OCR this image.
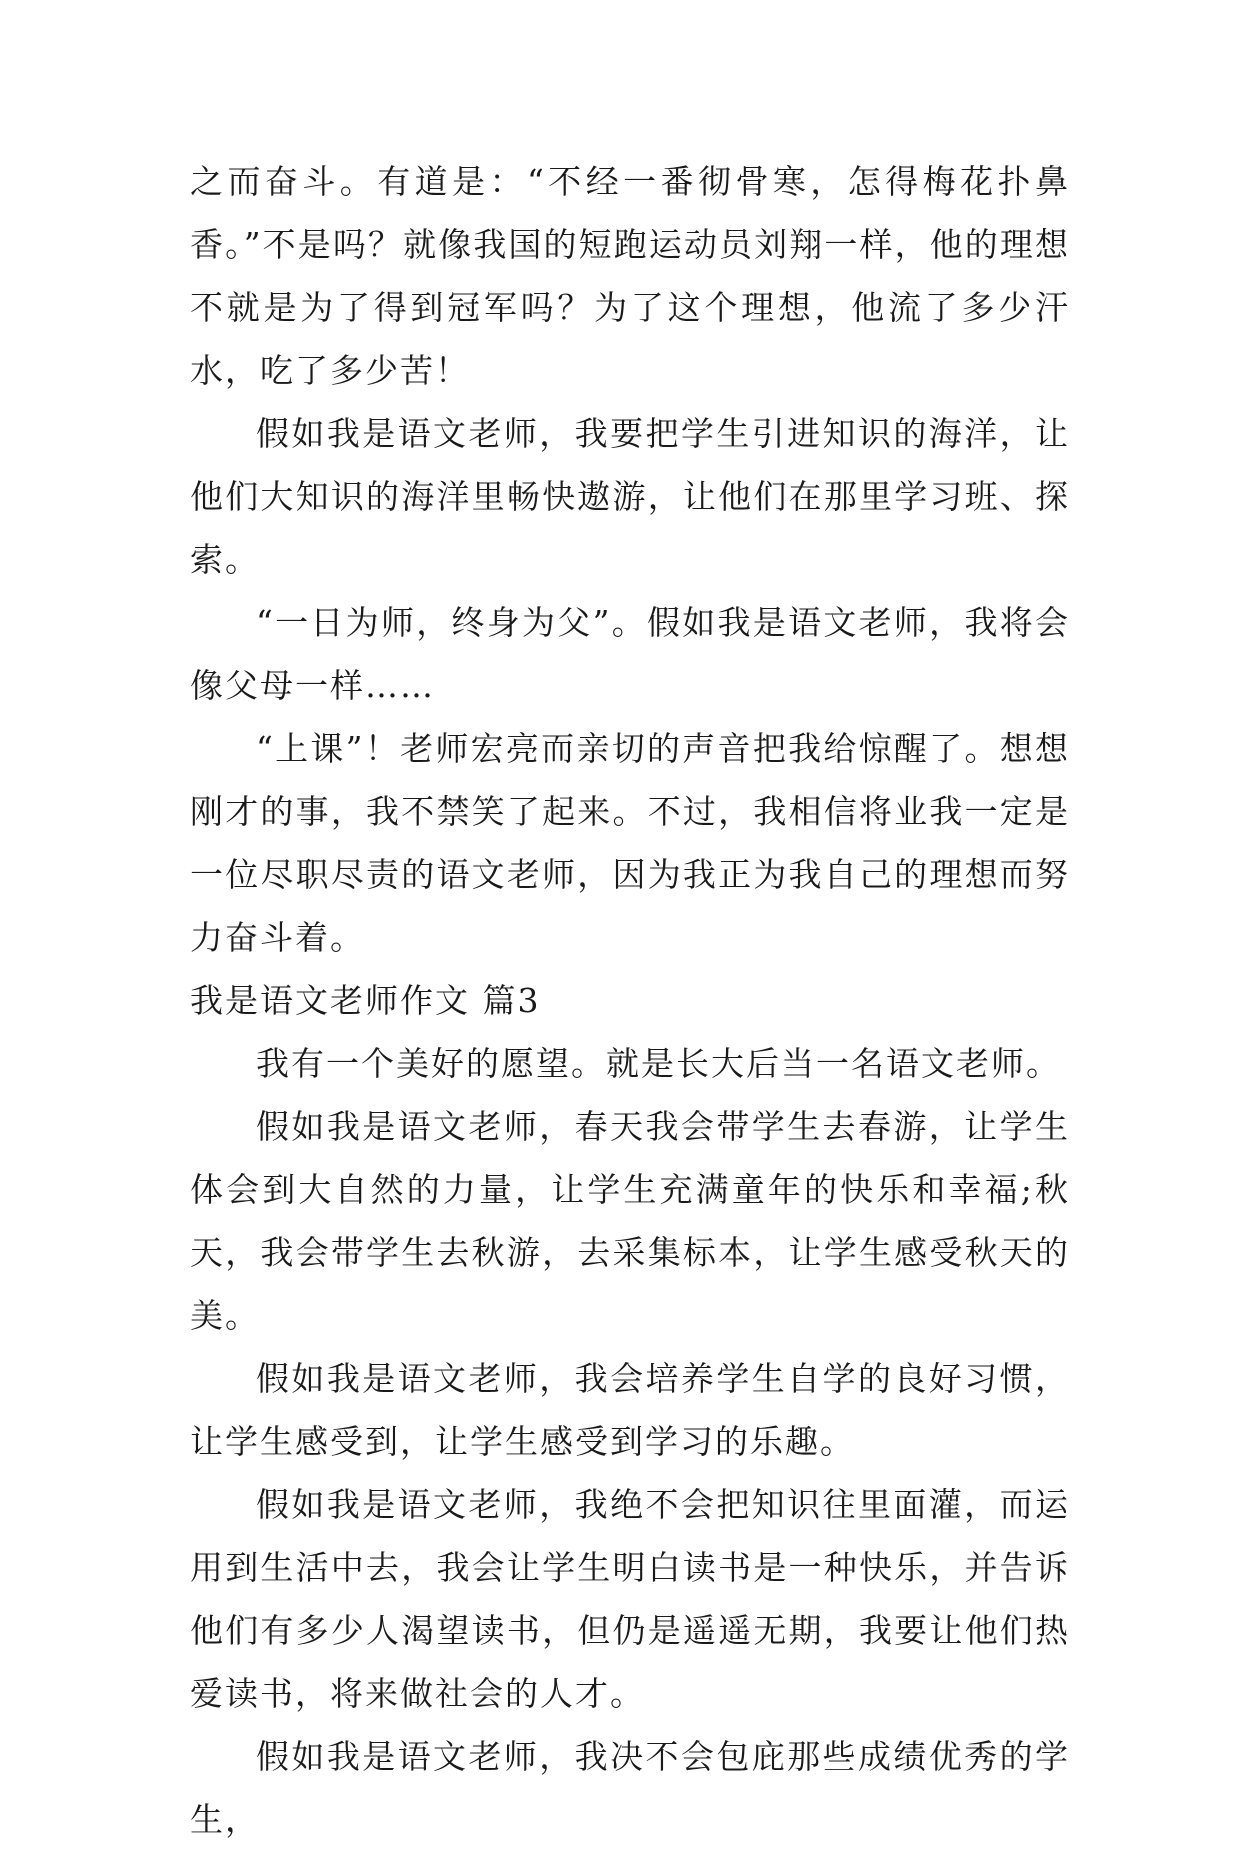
之而奋斗。有道是：“不经一番彻骨寒，怎得梅花扑鼻香。”不是吗？就像我国的短跑运动员刘翔一样，他的理想不就是为了得到冠军吗？为了这个理想，他流了多少汗水，吃了多少苦！

假如我是语文老师，我要把学生引进知识的海洋，让他们大知识的海洋里畅快遨游，让他们在那里学习班、探索。

“一日为师，终身为父”。假如我是语文老师，我将会像父母一样……

“上课”！老师宏亮而亲切的声音把我给惊醒了。想想刚才的事，我不禁笑了起来。不过，我相信将业我一定是一位尽职尽责的语文老师，因为我正为我自己的理想而努力奋斗着。

我是语文老师作文 篇3

我有一个美好的愿望。就是长大后当一名语文老师。

假如我是语文老师，春天我会带学生去春游，让学生体会到大自然的力量，让学生充满童年的快乐和幸福;秋天，我会带学生去秋游，去采集标本，让学生感受秋天的美。

假如我是语文老师，我会培养学生自学的良好习惯，让学生感受到，让学生感受到学习的乐趣。

假如我是语文老师，我绝不会把知识往里面灌，而运用到生活中去，我会让学生明白读书是一种快乐，并告诉他们有多少人渴望读书，但仍是遥遥无期，我要让他们热爱读书，将来做社会的人才。

假如我是语文老师，我决不会包庇那些成绩优秀的学生，
